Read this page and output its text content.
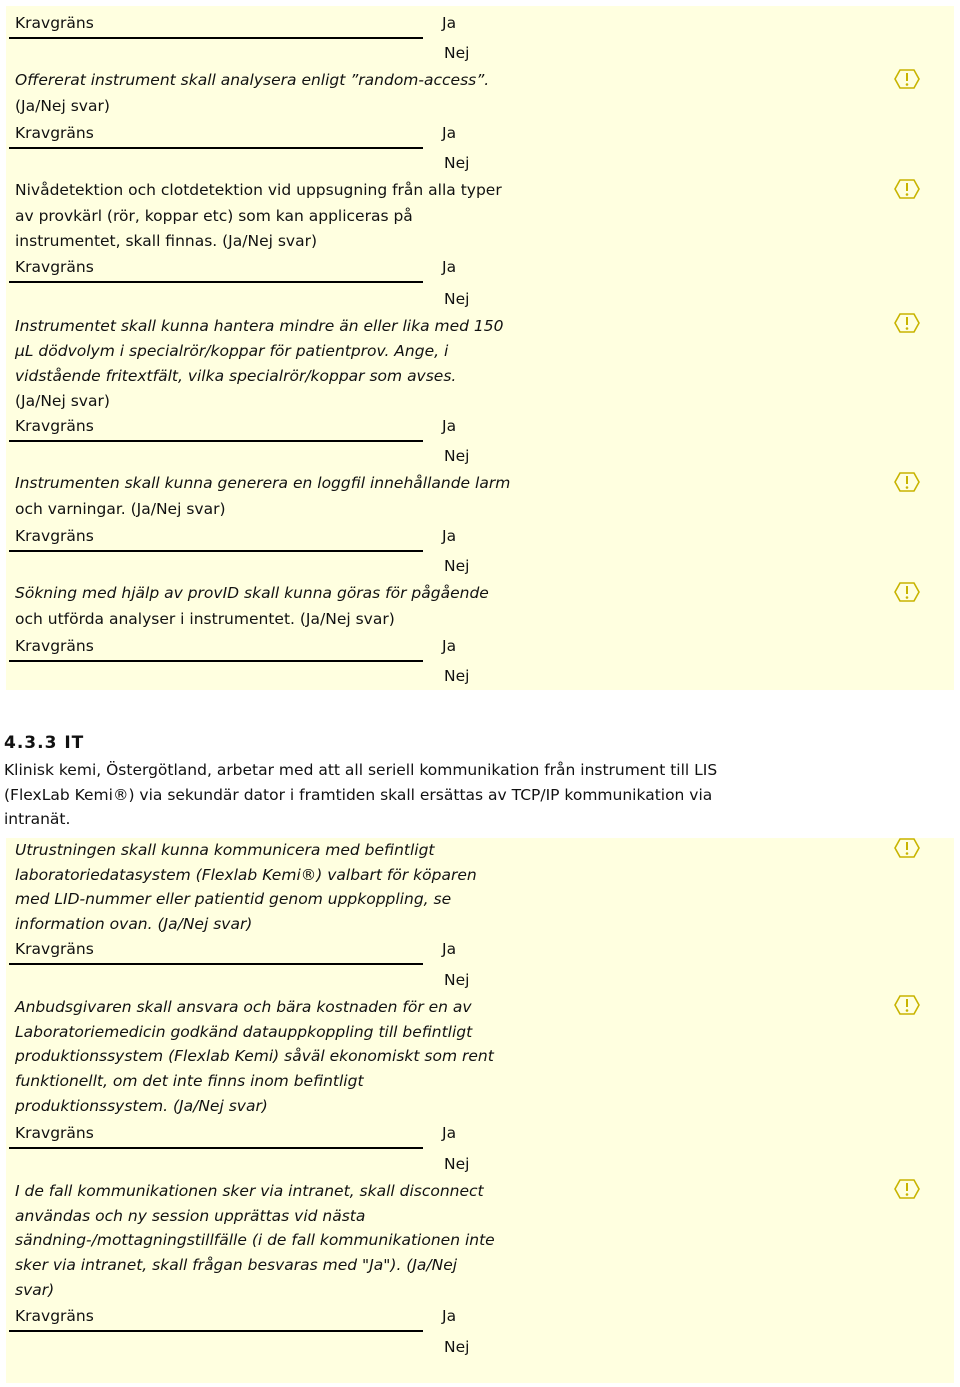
Kravgräns	Ja
Nej
Offererat instrument skall analysera enligt ”random-access”.
(Ja/Nej svar)
Kravgräns	Ja
Nej
Nivådetektion och clotdetektion vid uppsugning från alla typer
av provkärl (rör, koppar etc) som kan appliceras på
instrumentet, skall finnas. (Ja/Nej svar)
Kravgräns	Ja
Nej
Instrumentet skall kunna hantera mindre än eller lika med 150
µL dödvolym i specialrör/koppar för patientprov. Ange, i
vidstående fritextfält, vilka specialrör/koppar som avses.
(Ja/Nej svar)
Kravgräns	Ja
Nej
Instrumenten skall kunna generera en loggfil innehållande larm
och varningar. (Ja/Nej svar)
Kravgräns	Ja
Nej
Sökning med hjälp av provID skall kunna göras för pågående
och utförda analyser i instrumentet. (Ja/Nej svar)
Kravgräns	Ja
Nej
Utrustningen skall kunna kommunicera med befintligt
laboratoriedatasystem (Flexlab Kemi®) valbart för köparen
med LID-nummer eller patientid genom uppkoppling, se
information ovan. (Ja/Nej svar)
Kravgräns	Ja
Nej
Anbudsgivaren skall ansvara och bära kostnaden för en av
Laboratoriemedicin godkänd datauppkoppling till befintligt
produktionssystem (Flexlab Kemi) såväl ekonomiskt som rent
funktionellt, om det inte finns inom befintligt
produktionssystem. (Ja/Nej svar)
Kravgräns	Ja
Nej
I de fall kommunikationen sker via intranet, skall disconnect
användas och ny session upprättas vid nästa
sändning-/mottagningstillfälle (i de fall kommunikationen inte
sker via intranet, skall frågan besvaras med "Ja"). (Ja/Nej
svar)
Kravgräns	Ja
Nej
4.3.3 IT
Klinisk kemi, Östergötland, arbetar med att all seriell kommunikation från instrument till LIS
(FlexLab Kemi®) via sekundär dator i framtiden skall ersättas av TCP/IP kommunikation via
intranät.
